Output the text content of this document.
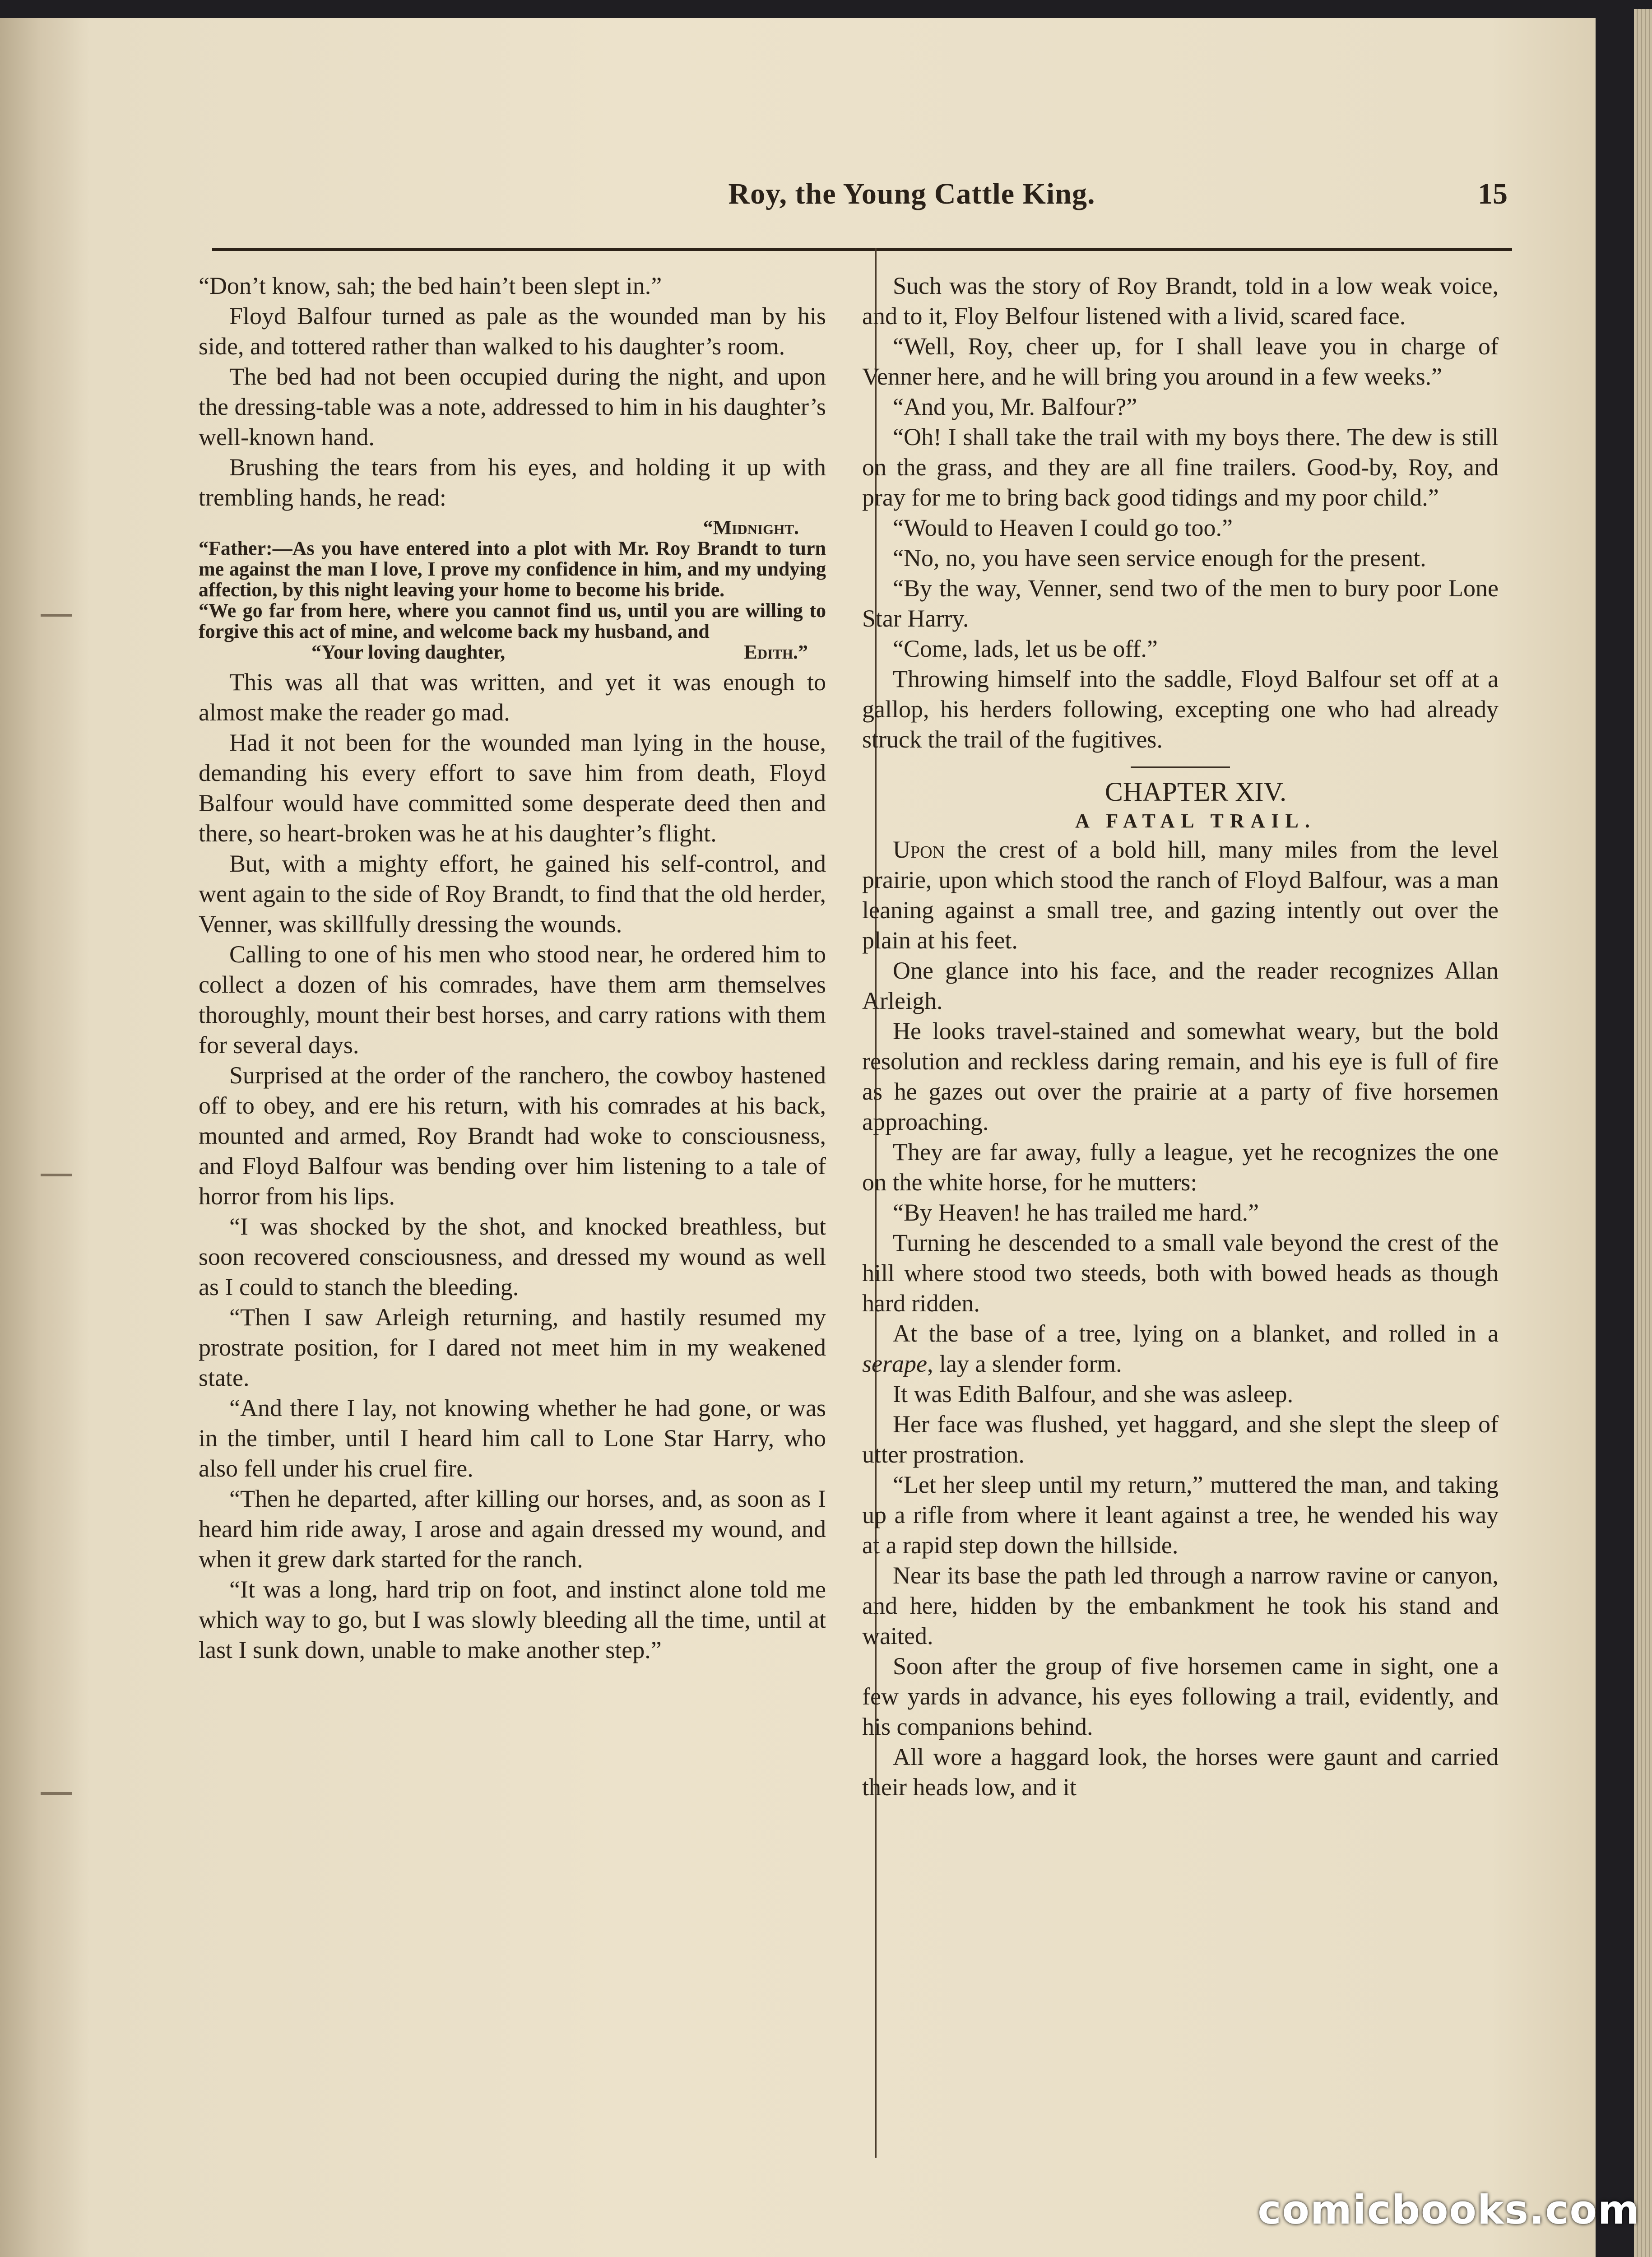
Roy, the Young Cattle King.	15

“Don’t know, sah; the bed hain’t been slept in.”

Floyd Balfour turned as pale as the wounded man by his side, and tottered rather than walked to his daughter’s room.

The bed had not been occupied during the night, and upon the dressing-table was a note, addressed to him in his daughter’s well-known hand.

Brushing the tears from his eyes, and holding it up with trembling hands, he read:

“Midnight.

“Father:—As you have entered into a plot with Mr. Roy Brandt to turn me against the man I love, I prove my confidence in him, and my undying affection, by this night leaving your home to become his bride.

“We go far from here, where you cannot find us, until you are willing to forgive this act of mine, and welcome back my husband, and

“Your loving daughter,	Edith.”

This was all that was written, and yet it was enough to almost make the reader go mad.

Had it not been for the wounded man lying in the house, demanding his every effort to save him from death, Floyd Balfour would have committed some desperate deed then and there, so heart-broken was he at his daughter’s flight.

But, with a mighty effort, he gained his self-control, and went again to the side of Roy Brandt, to find that the old herder, Venner, was skillfully dressing the wounds.

Calling to one of his men who stood near, he ordered him to collect a dozen of his comrades, have them arm themselves thoroughly, mount their best horses, and carry rations with them for several days.

Surprised at the order of the ranchero, the cowboy hastened off to obey, and ere his return, with his comrades at his back, mounted and armed, Roy Brandt had woke to consciousness, and Floyd Balfour was bending over him listening to a tale of horror from his lips.

“I was shocked by the shot, and knocked breathless, but soon recovered consciousness, and dressed my wound as well as I could to stanch the bleeding.

“Then I saw Arleigh returning, and hastily resumed my prostrate position, for I dared not meet him in my weakened state.

“And there I lay, not knowing whether he had gone, or was in the timber, until I heard him call to Lone Star Harry, who also fell under his cruel fire.

“Then he departed, after killing our horses, and, as soon as I heard him ride away, I arose and again dressed my wound, and when it grew dark started for the ranch.

“It was a long, hard trip on foot, and instinct alone told me which way to go, but I was slowly bleeding all the time, until at last I sunk down, unable to make another step.”

Such was the story of Roy Brandt, told in a low weak voice, and to it, Floy Belfour listened with a livid, scared face.

“Well, Roy, cheer up, for I shall leave you in charge of Venner here, and he will bring you around in a few weeks.”

“And you, Mr. Balfour?”

“Oh! I shall take the trail with my boys there. The dew is still on the grass, and they are all fine trailers. Good-by, Roy, and pray for me to bring back good tidings and my poor child.”

“Would to Heaven I could go too.”

“No, no, you have seen service enough for the present.

“By the way, Venner, send two of the men to bury poor Lone Star Harry.

“Come, lads, let us be off.”

Throwing himself into the saddle, Floyd Balfour set off at a gallop, his herders following, excepting one who had already struck the trail of the fugitives.

CHAPTER XIV.

A FATAL TRAIL.

Upon the crest of a bold hill, many miles from the level prairie, upon which stood the ranch of Floyd Balfour, was a man leaning against a small tree, and gazing intently out over the plain at his feet.

One glance into his face, and the reader recognizes Allan Arleigh.

He looks travel-stained and somewhat weary, but the bold resolution and reckless daring remain, and his eye is full of fire as he gazes out over the prairie at a party of five horsemen approaching.

They are far away, fully a league, yet he recognizes the one on the white horse, for he mutters:

“By Heaven! he has trailed me hard.”

Turning he descended to a small vale beyond the crest of the hill where stood two steeds, both with bowed heads as though hard ridden.

At the base of a tree, lying on a blanket, and rolled in a serape, lay a slender form.

It was Edith Balfour, and she was asleep.

Her face was flushed, yet haggard, and she slept the sleep of utter prostration.

“Let her sleep until my return,” muttered the man, and taking up a rifle from where it leant against a tree, he wended his way at a rapid step down the hillside.

Near its base the path led through a narrow ravine or canyon, and here, hidden by the embankment he took his stand and waited.

Soon after the group of five horsemen came in sight, one a few yards in advance, his eyes following a trail, evidently, and his companions behind.

All wore a haggard look, the horses were gaunt and carried their heads low, and it

comicbooks.com
